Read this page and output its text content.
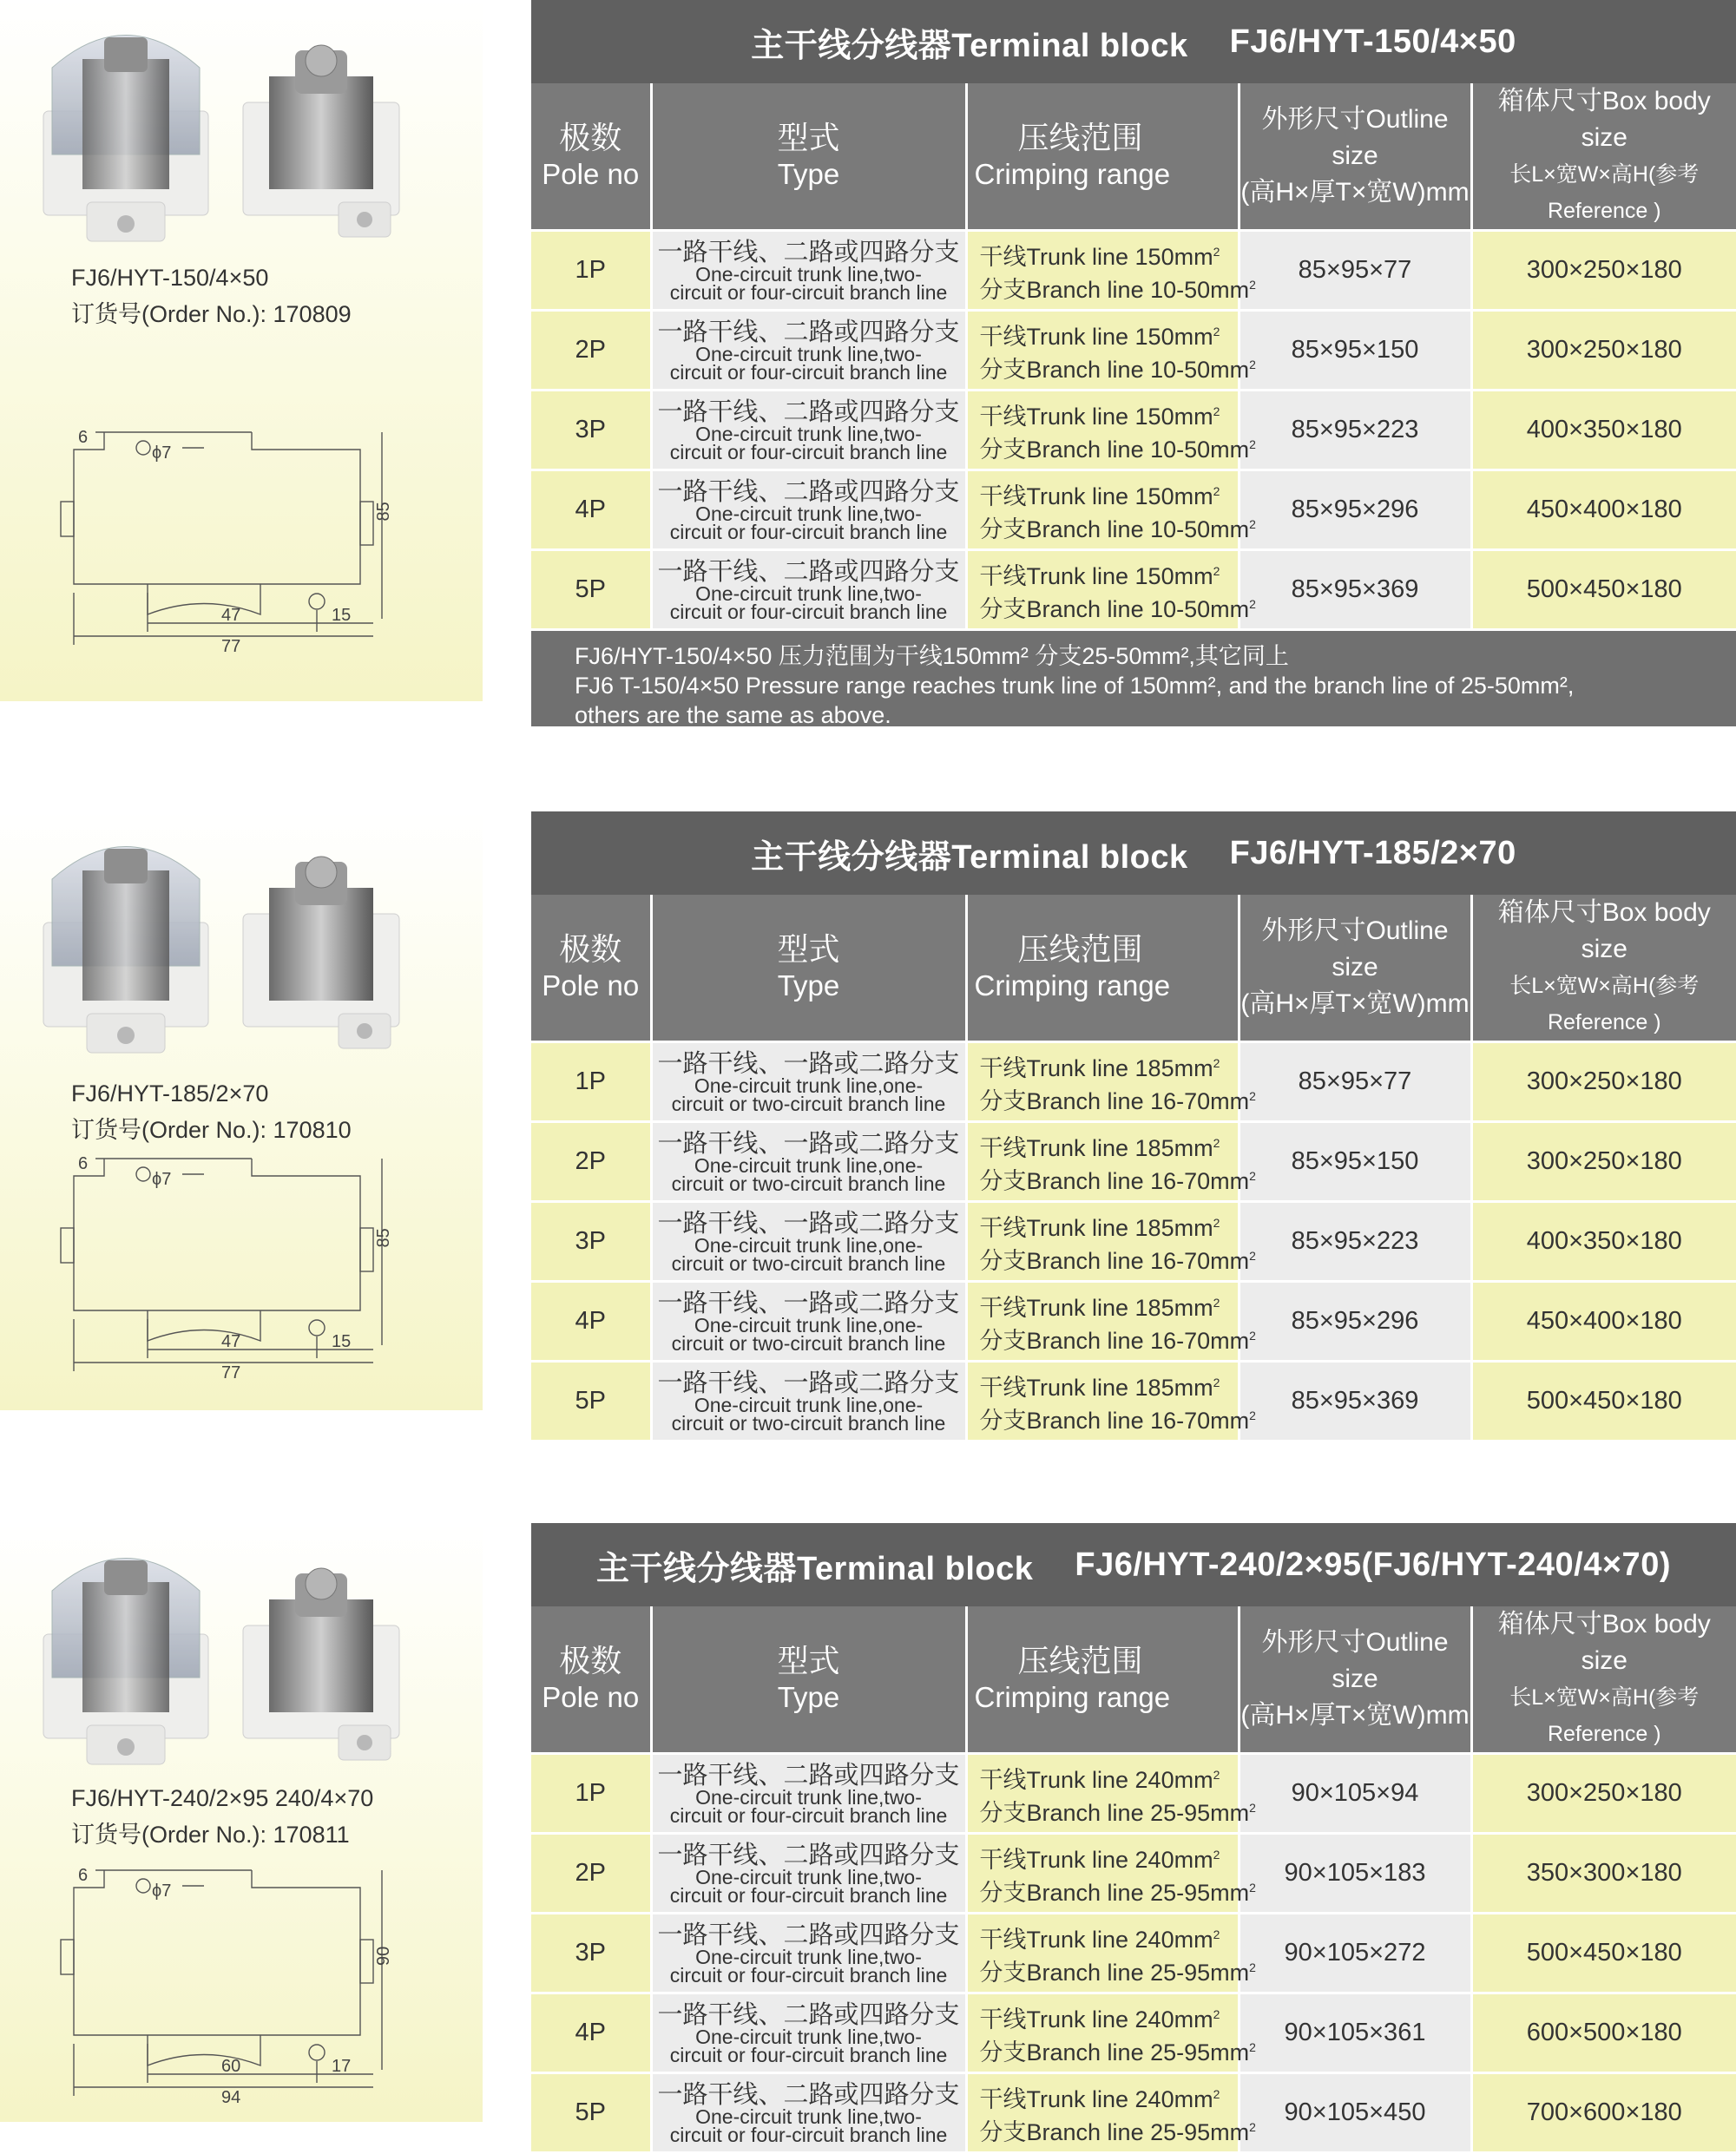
FJ6/HYT-150/4×50
订货号(Order No.): 170809
6
ϕ7
85
47	15
77
主干线分线器Terminal block FJ6/HYT-150/4×50
极数
Pole no	型式
Type	压线范围
Crimping range	外形尺寸Outline size
(高H×厚T×宽W)mm	箱体尺寸Box body size
长L×宽W×高H(参考Reference )

1P	一路干线、二路或四路分支
One-circuit trunk line,two-
circuit or four-circuit branch line	干线Trunk line $150mm^2$
分支Branch line $10-50mm^2$	85×95×77	300×250×180
2P	一路干线、二路或四路分支
One-circuit trunk line,two-
circuit or four-circuit branch line	干线Trunk line $150mm^2$
分支Branch line $10-50mm^2$	85×95×150	300×250×180
3P	一路干线、二路或四路分支
One-circuit trunk line,two-
circuit or four-circuit branch line	干线Trunk line $150mm^2$
分支Branch line $10-50mm^2$	85×95×223	400×350×180
4P	一路干线、二路或四路分支
One-circuit trunk line,two-
circuit or four-circuit branch line	干线Trunk line $150mm^2$
分支Branch line $10-50mm^2$	85×95×296	450×400×180
5P	一路干线、二路或四路分支
One-circuit trunk line,two-
circuit or four-circuit branch line	干线Trunk line $150mm^2$
分支Branch line $10-50mm^2$	85×95×369	500×450×180
FJ6/HYT-150/4×50 压力范围为干线150mm² 分支25-50mm²,其它同上
FJ6 T-150/4×50 Pressure range reaches trunk line of 150mm², and the branch line of 25-50mm²,
others are the same as above.
FJ6/HYT-185/2×70
订货号(Order No.): 170810
6
ϕ7
85
47	15
77
主干线分线器Terminal block FJ6/HYT-185/2×70
极数
Pole no	型式
Type	压线范围
Crimping range	外形尺寸Outline size
(高H×厚T×宽W)mm	箱体尺寸Box body size
长L×宽W×高H(参考Reference )

1P	一路干线、一路或二路分支
One-circuit trunk line,one-
circuit or two-circuit branch line	干线Trunk line $185mm^2$
分支Branch line $16-70mm^2$	85×95×77	300×250×180
2P	一路干线、一路或二路分支
One-circuit trunk line,one-
circuit or two-circuit branch line	干线Trunk line $185mm^2$
分支Branch line $16-70mm^2$	85×95×150	300×250×180
3P	一路干线、一路或二路分支
One-circuit trunk line,one-
circuit or two-circuit branch line	干线Trunk line $185mm^2$
分支Branch line $16-70mm^2$	85×95×223	400×350×180
4P	一路干线、一路或二路分支
One-circuit trunk line,one-
circuit or two-circuit branch line	干线Trunk line $185mm^2$
分支Branch line $16-70mm^2$	85×95×296	450×400×180
5P	一路干线、一路或二路分支
One-circuit trunk line,one-
circuit or two-circuit branch line	干线Trunk line $185mm^2$
分支Branch line $16-70mm^2$	85×95×369	500×450×180
FJ6/HYT-240/2×95 240/4×70
订货号(Order No.): 170811
6
ϕ7
90
60	17
94
主干线分线器Terminal block FJ6/HYT-240/2×95(FJ6/HYT-240/4×70)
极数
Pole no	型式
Type	压线范围
Crimping range	外形尺寸Outline size
(高H×厚T×宽W)mm	箱体尺寸Box body size
长L×宽W×高H(参考Reference )

1P	一路干线、二路或四路分支
One-circuit trunk line,two-
circuit or four-circuit branch line	干线Trunk line $240mm^2$
分支Branch line $25-95mm^2$	90×105×94	300×250×180
2P	一路干线、二路或四路分支
One-circuit trunk line,two-
circuit or four-circuit branch line	干线Trunk line $240mm^2$
分支Branch line $25-95mm^2$	90×105×183	350×300×180
3P	一路干线、二路或四路分支
One-circuit trunk line,two-
circuit or four-circuit branch line	干线Trunk line $240mm^2$
分支Branch line $25-95mm^2$	90×105×272	500×450×180
4P	一路干线、二路或四路分支
One-circuit trunk line,two-
circuit or four-circuit branch line	干线Trunk line $240mm^2$
分支Branch line $25-95mm^2$	90×105×361	600×500×180
5P	一路干线、二路或四路分支
One-circuit trunk line,two-
circuit or four-circuit branch line	干线Trunk line $240mm^2$
分支Branch line $25-95mm^2$	90×105×450	700×600×180
